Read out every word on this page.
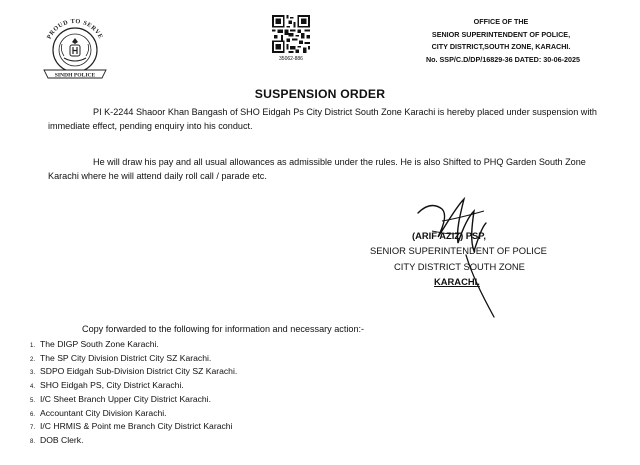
PROUD TO SERVE
SINDH POLICE
35062-886
OFFICE OF THE
SENIOR SUPERINTENDENT OF POLICE,
CITY DISTRICT,SOUTH ZONE, KARACHI.
No. SSP/C.D/DP/16829-36 DATED: 30-06-2025
SUSPENSION ORDER
PI K-2244 Shaoor Khan Bangash of SHO Eidgah Ps City District South Zone Karachi is hereby placed under suspension with immediate effect, pending enquiry into his conduct.
He will draw his pay and all usual allowances as admissible under the rules. He is also Shifted to PHQ Garden South Zone Karachi where he will attend daily roll call / parade etc.
(ARIF AZIZ) PSP,
SENIOR SUPERINTENDENT OF POLICE
CITY DISTRICT SOUTH ZONE
KARACHI.
Copy forwarded to the following for information and necessary action:-
1. The DIGP South Zone Karachi.
2. The SP City Division District City SZ Karachi.
3. SDPO Eidgah Sub-Division District City SZ Karachi.
4. SHO Eidgah PS, City District Karachi.
5. I/C Sheet Branch Upper City District Karachi.
6. Accountant City Division Karachi.
7. I/C HRMIS & Point me Branch City District Karachi
8. DOB Clerk.
